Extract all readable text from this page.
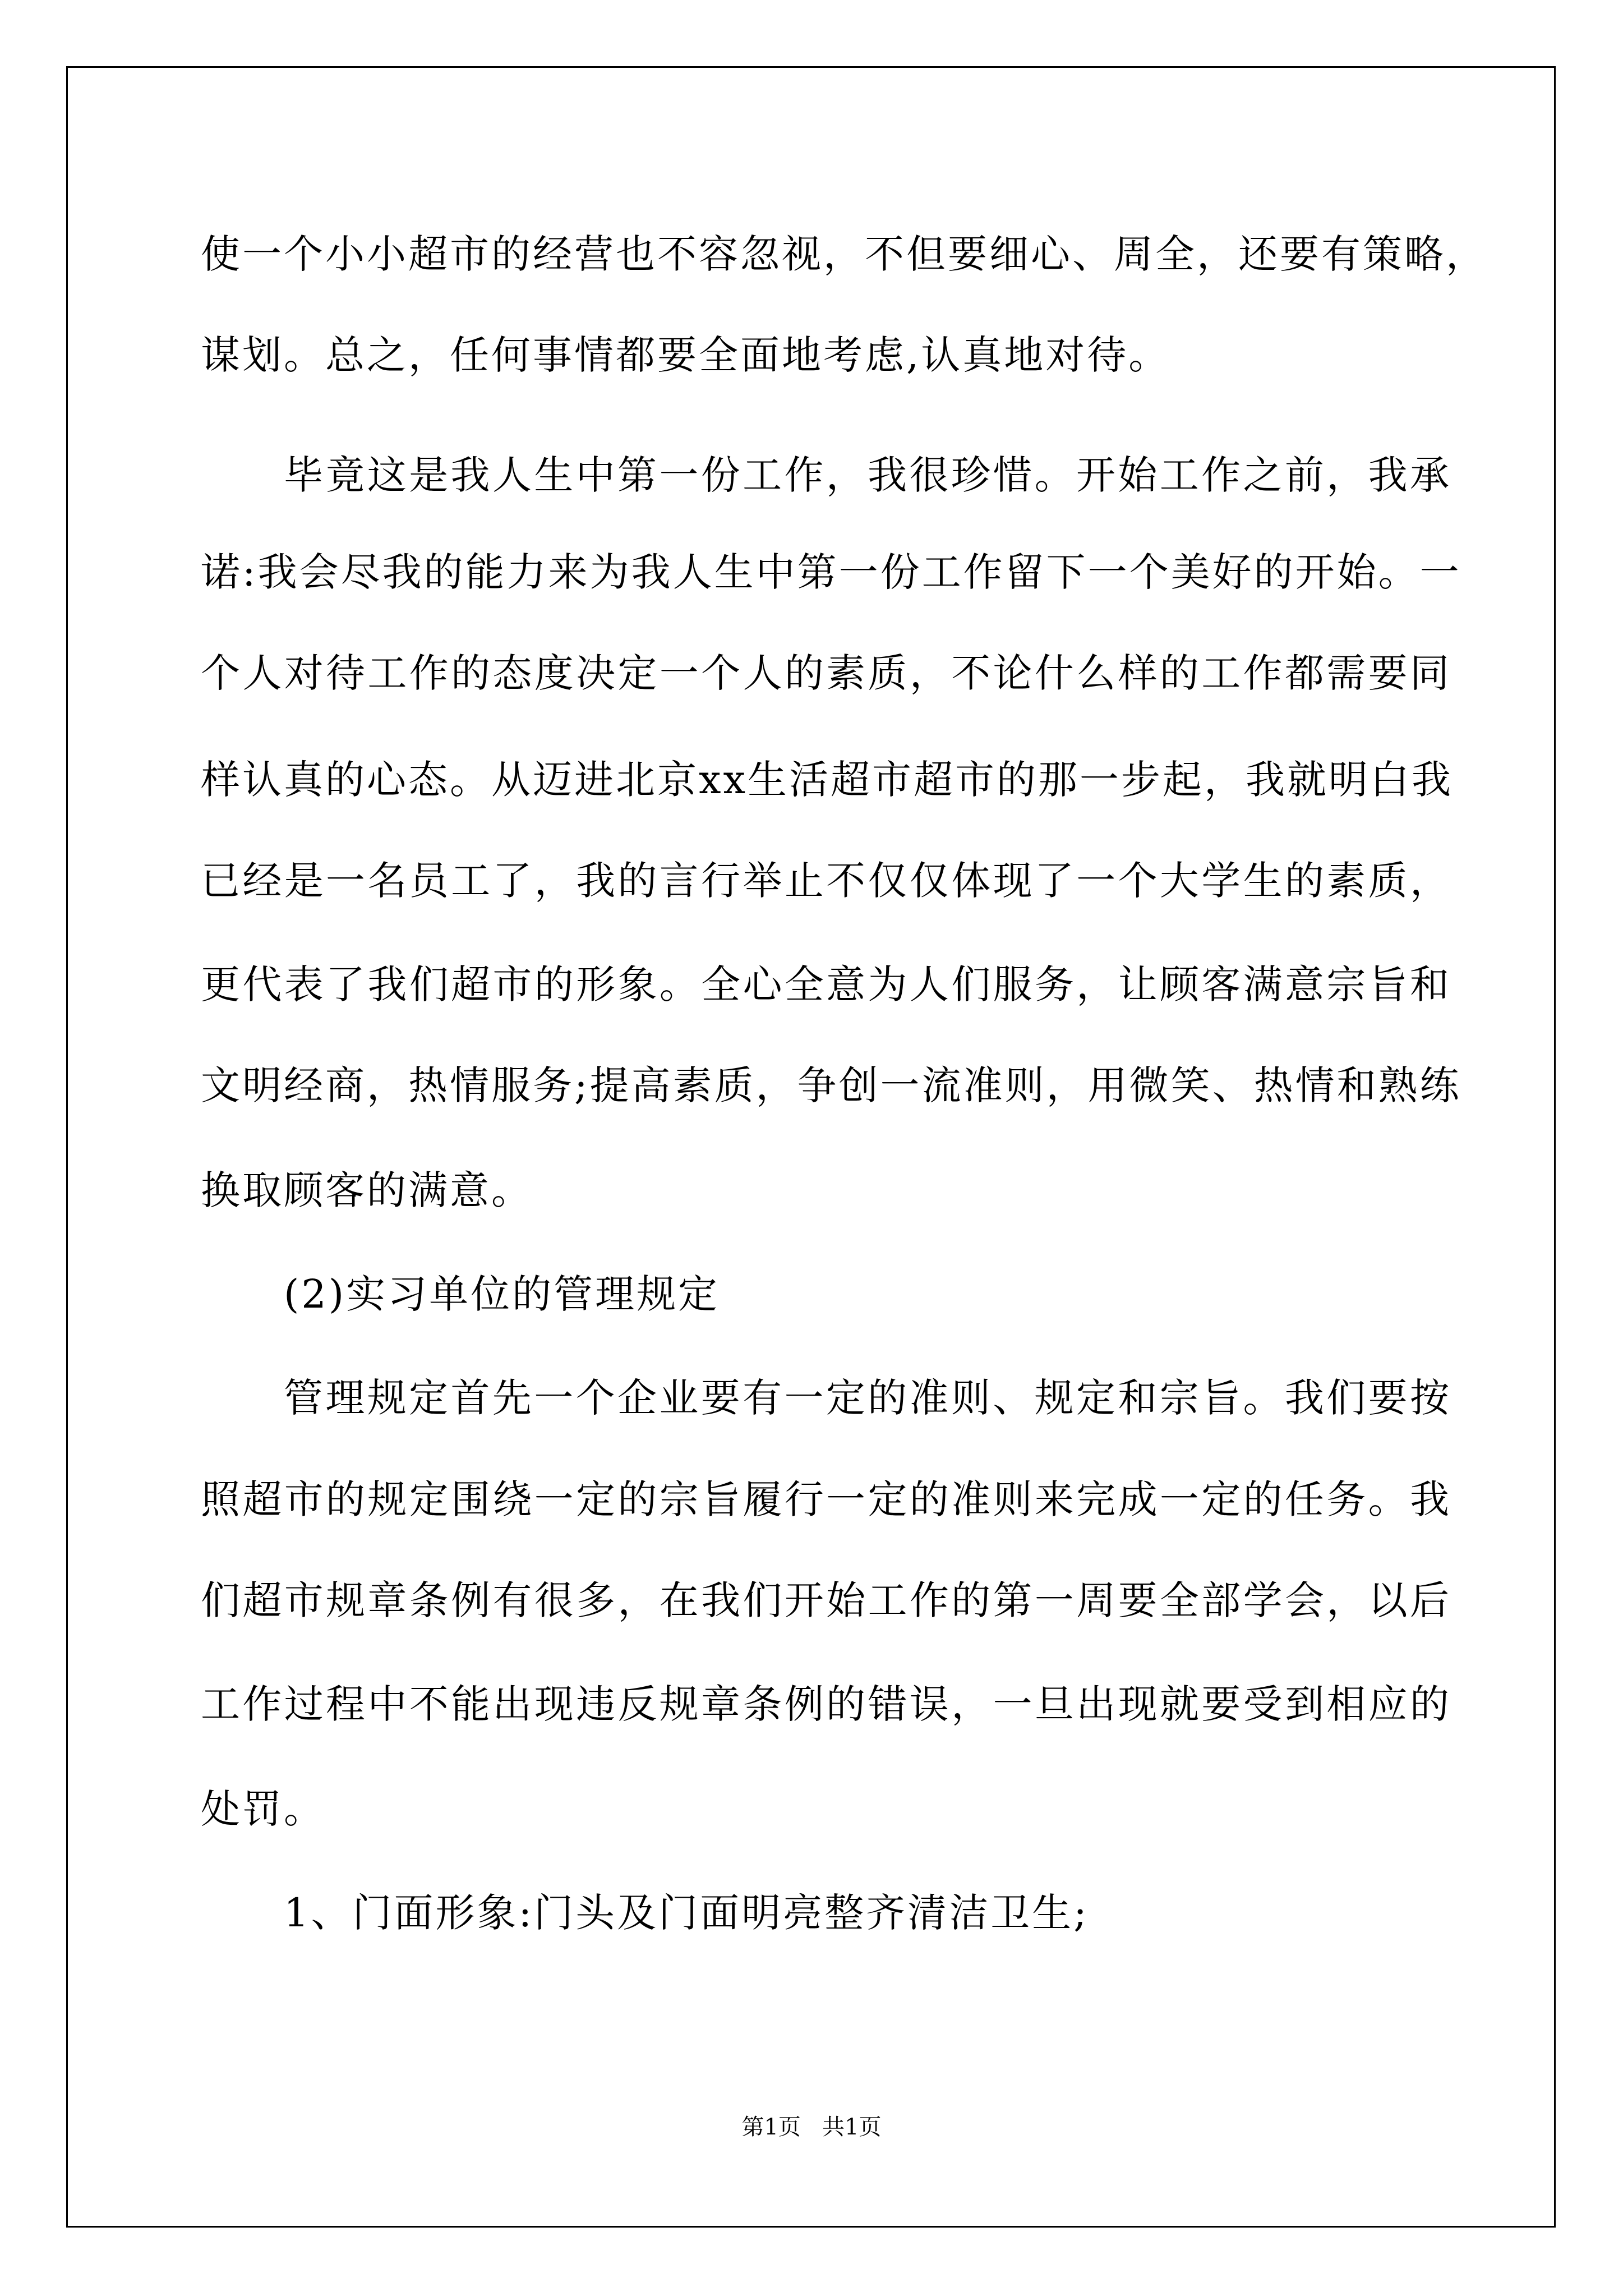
使一个小小超市的经营也不容忽视，不但要细心、周全，还要有策略，
谋划。总之，任何事情都要全面地考虑,认真地对待。
毕竟这是我人生中第一份工作，我很珍惜。开始工作之前，我承
诺:我会尽我的能力来为我人生中第一份工作留下一个美好的开始。一
个人对待工作的态度决定一个人的素质，不论什么样的工作都需要同
样认真的心态。从迈进北京xx生活超市超市的那一步起，我就明白我
已经是一名员工了，我的言行举止不仅仅体现了一个大学生的素质，
更代表了我们超市的形象。全心全意为人们服务，让顾客满意宗旨和
文明经商，热情服务;提高素质，争创一流准则，用微笑、热情和熟练
换取顾客的满意。
(2)实习单位的管理规定
管理规定首先一个企业要有一定的准则、规定和宗旨。我们要按
照超市的规定围绕一定的宗旨履行一定的准则来完成一定的任务。我
们超市规章条例有很多，在我们开始工作的第一周要全部学会，以后
工作过程中不能出现违反规章条例的错误，一旦出现就要受到相应的
处罚。
1、门面形象:门头及门面明亮整齐清洁卫生;
第1页   共1页
